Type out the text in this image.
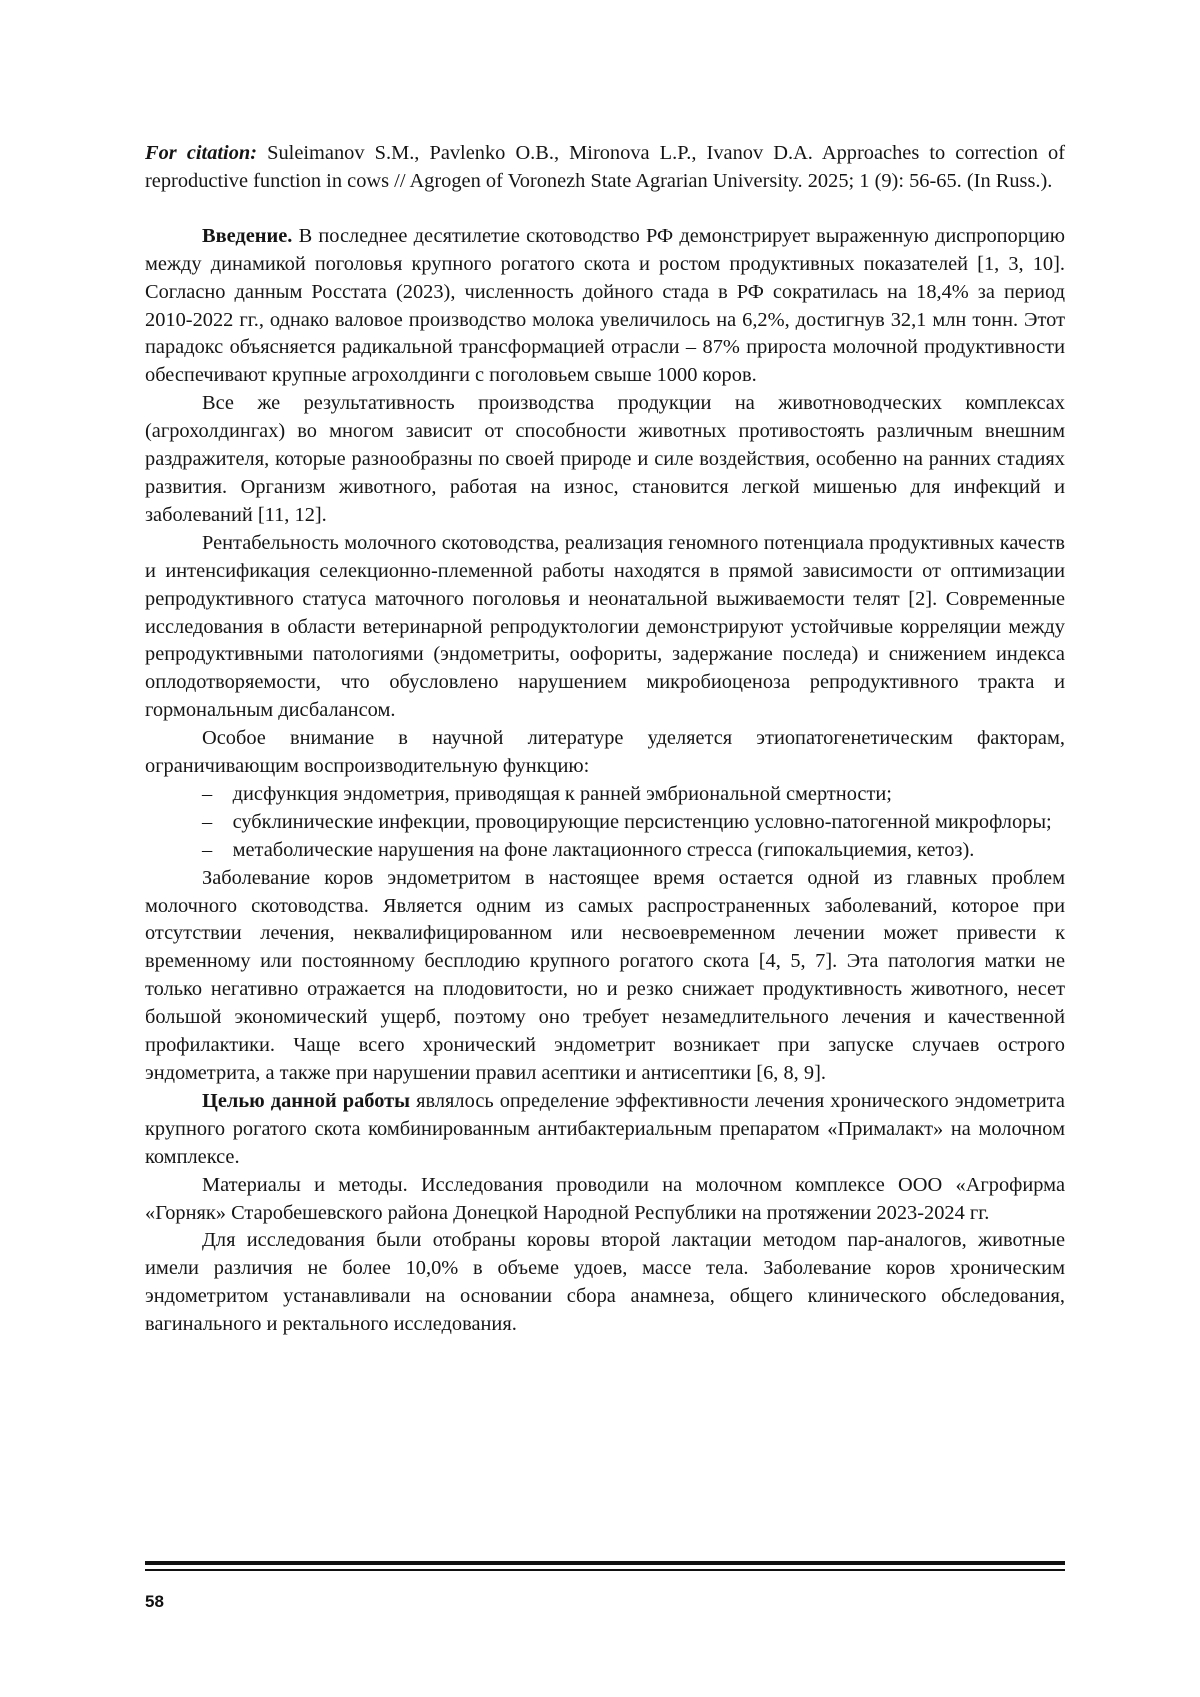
For citation: Suleimanov S.M., Pavlenko O.B., Mironova L.P., Ivanov D.A. Approaches to correction of reproductive function in cows // Agrogen of Voronezh State Agrarian University. 2025; 1 (9): 56-65. (In Russ.).

Введение. В последнее десятилетие скотоводство РФ демонстрирует выраженную диспропорцию между динамикой поголовья крупного рогатого скота и ростом продуктивных показателей [1, 3, 10]. Согласно данным Росстата (2023), численность дойного стада в РФ сократилась на 18,4% за период 2010-2022 гг., однако валовое производство молока увеличилось на 6,2%, достигнув 32,1 млн тонн. Этот парадокс объясняется радикальной трансформацией отрасли – 87% прироста молочной продуктивности обеспечивают крупные агрохолдинги с поголовьем свыше 1000 коров.

Все же результативность производства продукции на животноводческих комплексах (агрохолдингах) во многом зависит от способности животных противостоять различным внешним раздражителя, которые разнообразны по своей природе и силе воздействия, особенно на ранних стадиях развития. Организм животного, работая на износ, становится легкой мишенью для инфекций и заболеваний [11, 12].

Рентабельность молочного скотоводства, реализация геномного потенциала продуктивных качеств и интенсификация селекционно-племенной работы находятся в прямой зависимости от оптимизации репродуктивного статуса маточного поголовья и неонатальной выживаемости телят [2]. Современные исследования в области ветеринарной репродуктологии демонстрируют устойчивые корреляции между репродуктивными патологиями (эндометриты, оофориты, задержание последа) и снижением индекса оплодотворяемости, что обусловлено нарушением микробиоценоза репродуктивного тракта и гормональным дисбалансом.

Особое внимание в научной литературе уделяется этиопатогенетическим факторам, ограничивающим воспроизводительную функцию:

– дисфункция эндометрия, приводящая к ранней эмбриональной смертности;

– субклинические инфекции, провоцирующие персистенцию условно-патогенной микрофлоры;

– метаболические нарушения на фоне лактационного стресса (гипокальциемия, кетоз).

Заболевание коров эндометритом в настоящее время остается одной из главных проблем молочного скотоводства. Является одним из самых распространенных заболеваний, которое при отсутствии лечения, неквалифицированном или несвоевременном лечении может привести к временному или постоянному бесплодию крупного рогатого скота [4, 5, 7]. Эта патология матки не только негативно отражается на плодовитости, но и резко снижает продуктивность животного, несет большой экономический ущерб, поэтому оно требует незамедлительного лечения и качественной профилактики. Чаще всего хронический эндометрит возникает при запуске случаев острого эндометрита, а также при нарушении правил асептики и антисептики [6, 8, 9].

Целью данной работы являлось определение эффективности лечения хронического эндометрита крупного рогатого скота комбинированным антибактериальным препаратом «Прималакт» на молочном комплексе.

Материалы и методы. Исследования проводили на молочном комплексе ООО «Агрофирма «Горняк» Старобешевского района Донецкой Народной Республики на протяжении 2023-2024 гг.

Для исследования были отобраны коровы второй лактации методом пар-аналогов, животные имели различия не более 10,0% в объеме удоев, массе тела. Заболевание коров хроническим эндометритом устанавливали на основании сбора анамнеза, общего клинического обследования, вагинального и ректального исследования.

58
